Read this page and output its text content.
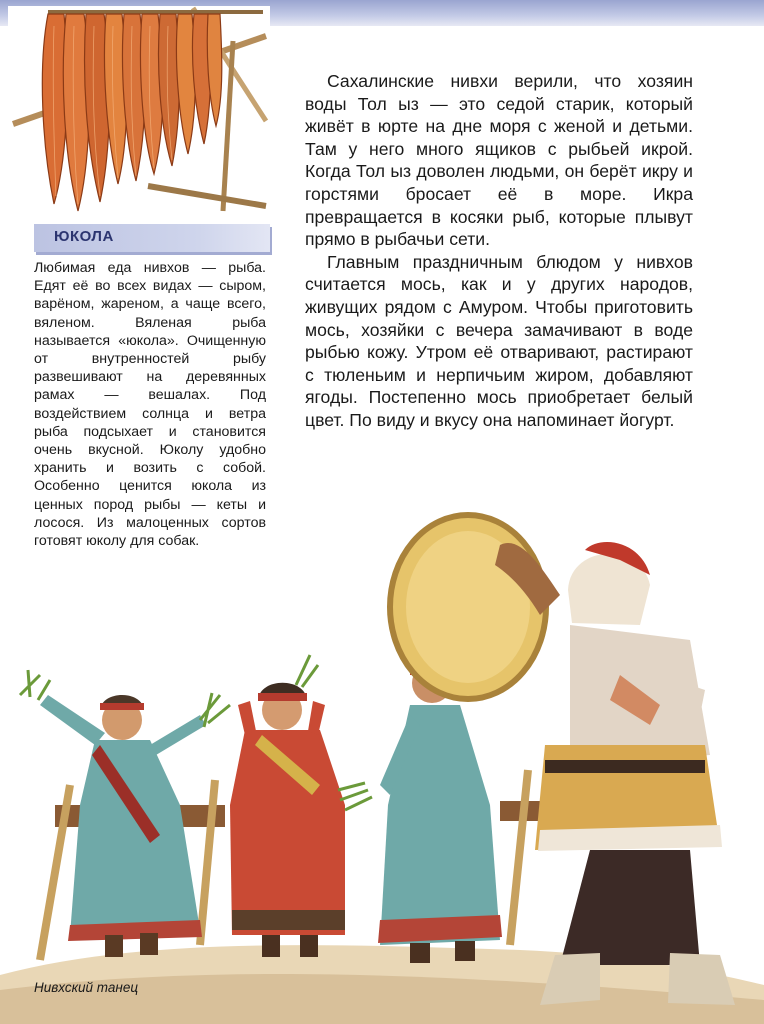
ЮКОЛА

Любимая еда нивхов — рыба. Едят её во всех видах — сыром, варёном, жареном, а чаще всего, вяленом. Вяленая рыба называется «юкола». Очищенную от внутренностей рыбу развешивают на деревянных рамах — вешалах. Под воздействием солнца и ветра рыба подсыхает и становится очень вкусной. Юколу удобно хранить и возить с собой. Особенно ценится юкола из ценных пород рыбы — кеты и лосося. Из малоценных сортов готовят юколу для собак.

Сахалинские нивхи верили, что хозяин воды Тол ыз — это седой старик, который живёт в юрте на дне моря с женой и детьми. Там у него много ящиков с рыбьей икрой. Когда Тол ыз доволен людьми, он берёт икру и горстями бросает её в море. Икра превращается в косяки рыб, которые плывут прямо в рыбачьи сети.

Главным праздничным блюдом у нивхов считается мось, как и у других народов, живущих рядом с Амуром. Чтобы приготовить мось, хозяйки с вечера замачивают в воде рыбью кожу. Утром её отваривают, растирают с тюленьим и нерпичьим жиром, добавляют ягоды. Постепенно мось приобретает белый цвет. По виду и вкусу она напоминает йогурт.

Нивхский танец
